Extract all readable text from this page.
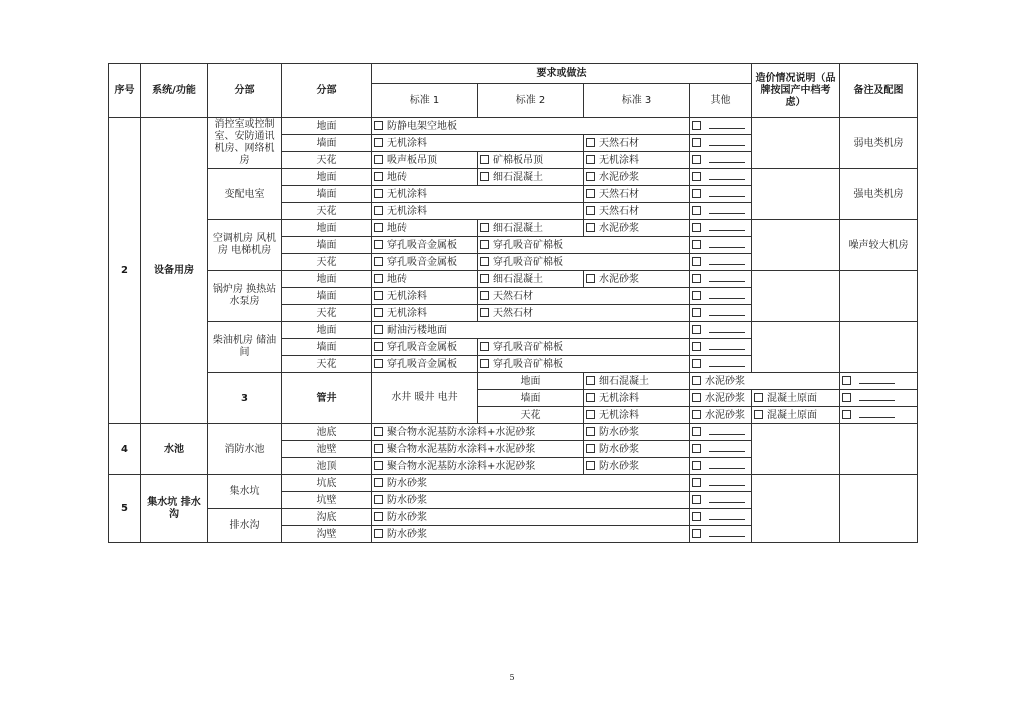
序号	系统/功能	分部	分部	要求或做法				造价情况说明（品牌按国产中档考虑）	备注及配图	
				标准 1	标准 2	标准 3	其他			
2	设备用房	消控室或控制室、安防通讯机房、网络机房	地面	防静电架空地板					弱电类机房	
			墙面	无机涂料		天然石材				
			天花	吸声板吊顶	矿棉板吊顶	无机涂料				
		变配电室	地面	地砖	细石混凝土	水泥砂浆			强电类机房	
			墙面	无机涂料		天然石材				
			天花	无机涂料		天然石材				
		空调机房 风机房 电梯机房	地面	地砖	细石混凝土	水泥砂浆			噪声较大机房	
			墙面	穿孔吸音金属板	穿孔吸音矿棉板					
			天花	穿孔吸音金属板	穿孔吸音矿棉板					
		锅炉房 换热站 水泵房	地面	地砖	细石混凝土	水泥砂浆				
			墙面	无机涂料	天然石材					
			天花	无机涂料	天然石材					
		柴油机房 储油间	地面	耐油污楼地面						
			墙面	穿孔吸音金属板	穿孔吸音矿棉板					
			天花	穿孔吸音金属板	穿孔吸音矿棉板					
		3	管井	水井 暖井 电井	地面	细石混凝土	水泥砂浆			
					墙面	无机涂料	水泥砂浆	混凝土原面		
					天花	无机涂料	水泥砂浆	混凝土原面		
4	水池	消防水池	池底	聚合物水泥基防水涂料+水泥砂浆		防水砂浆				
			池壁	聚合物水泥基防水涂料+水泥砂浆		防水砂浆				
			池顶	聚合物水泥基防水涂料+水泥砂浆		防水砂浆				
5	集水坑 排水沟	集水坑	坑底	防水砂浆						
			坑壁	防水砂浆						
		排水沟	沟底	防水砂浆						
			沟壁	防水砂浆						
5
